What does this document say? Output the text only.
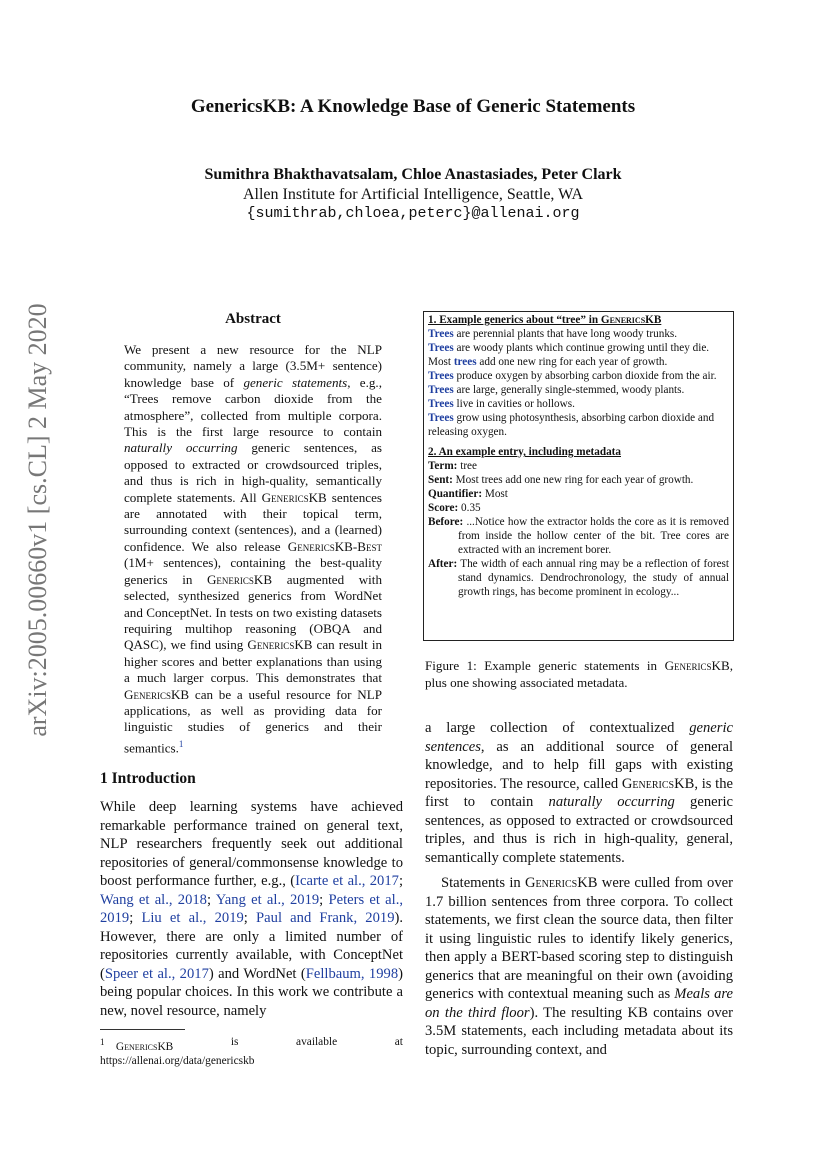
GenericsKB: A Knowledge Base of Generic Statements
Sumithra Bhakthavatsalam, Chloe Anastasiades, Peter Clark
Allen Institute for Artificial Intelligence, Seattle, WA
{sumithrab,chloea,peterc}@allenai.org
arXiv:2005.00660v1 [cs.CL] 2 May 2020	Abstract
We present a new resource for the NLP community, namely a large (3.5M+ sentence) knowledge base of generic statements, e.g., “Trees remove carbon dioxide from the atmosphere”, collected from multiple corpora. This is the first large resource to contain naturally occurring generic sentences, as opposed to extracted or crowdsourced triples, and thus is rich in high-quality, semantically complete statements. All GenericsKB sentences are annotated with their topical term, surrounding context (sentences), and a (learned) confidence. We also release GenericsKB-Best (1M+ sentences), containing the best-quality generics in GenericsKB augmented with selected, synthesized generics from WordNet and ConceptNet. In tests on two existing datasets requiring multihop reasoning (OBQA and QASC), we find using GenericsKB can result in higher scores and better explanations than using a much larger corpus. This demonstrates that GenericsKB can be a useful resource for NLP applications, as well as providing data for linguistic studies of generics and their semantics.$^1$
1 Introduction
While deep learning systems have achieved remarkable performance trained on general text, NLP researchers frequently seek out additional repositories of general/commonsense knowledge to boost performance further, e.g., (Icarte et al., 2017; Wang et al., 2018; Yang et al., 2019; Peters et al., 2019; Liu et al., 2019; Paul and Frank, 2019). However, there are only a limited number of repositories currently available, with ConceptNet (Speer et al., 2017) and WordNet (Fellbaum, 1998) being popular choices. In this work we contribute a new, novel resource, namely
$^1$ GenericsKB	is	available	at
https://allenai.org/data/genericskb

1. Example generics about “tree” in GenericsKB

Trees are perennial plants that have long woody trunks.

Trees are woody plants which continue growing until they die.

Most trees add one new ring for each year of growth.

Trees produce oxygen by absorbing carbon dioxide from the air.

Trees are large, generally single-stemmed, woody plants.

Trees live in cavities or hollows.

Trees grow using photosynthesis, absorbing carbon dioxide and releasing oxygen.

2. An example entry, including metadata

Term: tree

Sent: Most trees add one new ring for each year of growth.

Quantifier: Most

Score: 0.35

Before: ...Notice how the extractor holds the core as it is removed from inside the hollow center of the bit. Tree cores are extracted with an increment borer.

After: The width of each annual ring may be a reflection of forest stand dynamics. Dendrochronology, the study of annual growth rings, has become prominent in ecology...

Figure 1: Example generic statements in GenericsKB, plus one showing associated metadata.

a large collection of contextualized generic sentences, as an additional source of general knowledge, and to help fill gaps with existing repositories. The resource, called GenericsKB, is the first to contain naturally occurring generic sentences, as opposed to extracted or crowdsourced triples, and thus is rich in high-quality, general, semantically complete statements.

Statements in GenericsKB were culled from over 1.7 billion sentences from three corpora. To collect statements, we first clean the source data, then filter it using linguistic rules to identify likely generics, then apply a BERT-based scoring step to distinguish generics that are meaningful on their own (avoiding generics with contextual meaning such as Meals are on the third floor). The resulting KB contains over 3.5M statements, each including metadata about its topic, surrounding context, and
